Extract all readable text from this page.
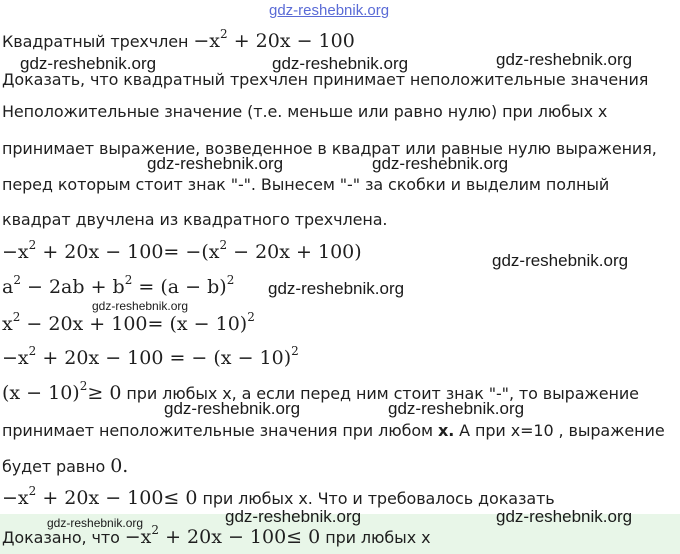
gdz-reshebnik.org
Квадратный трехчлен $-x^2 + 20x - 100$
Доказать, что квадратный трехчлен принимает неположительные значения
Неположительные значение (т.е. меньше или равно нулю) при любых x
принимает выражение, возведенное в квадрат или равные нулю выражения,
перед которым стоит знак "-". Вынесем "-" за скобки и выделим полный
квадрат двучлена из квадратного трехчлена.
$-x^2 + 20x - 100= -(x^2 - 20x + 100)$
$a^2 - 2ab + b^2 = (a - b)^2$
$x^2 - 20x + 100= (x - 10)^2$
$-x^2 + 20x - 100$ = − $(x - 10)^2$
$(x - 10)^2\ge 0$ при любых x, а если перед ним стоит знак "-", то выражение
принимает неположительные значения при любом x. А при x=10 , выражение
будет равно 0.
$-x^2 + 20x - 100\le 0$ при любых x. Что и требовалось доказать
Доказано, что $-x^2 + 20x - 100\le 0$ при любых x
gdz-reshebnik.org	gdz-reshebnik.org	gdz-reshebnik.org
gdz-reshebnik.org	gdz-reshebnik.org
gdz-reshebnik.org
gdz-reshebnik.org
gdz-reshebnik.org
gdz-reshebnik.org	gdz-reshebnik.org
gdz-reshebnik.org	gdz-reshebnik.org
gdz-reshebnik.org
